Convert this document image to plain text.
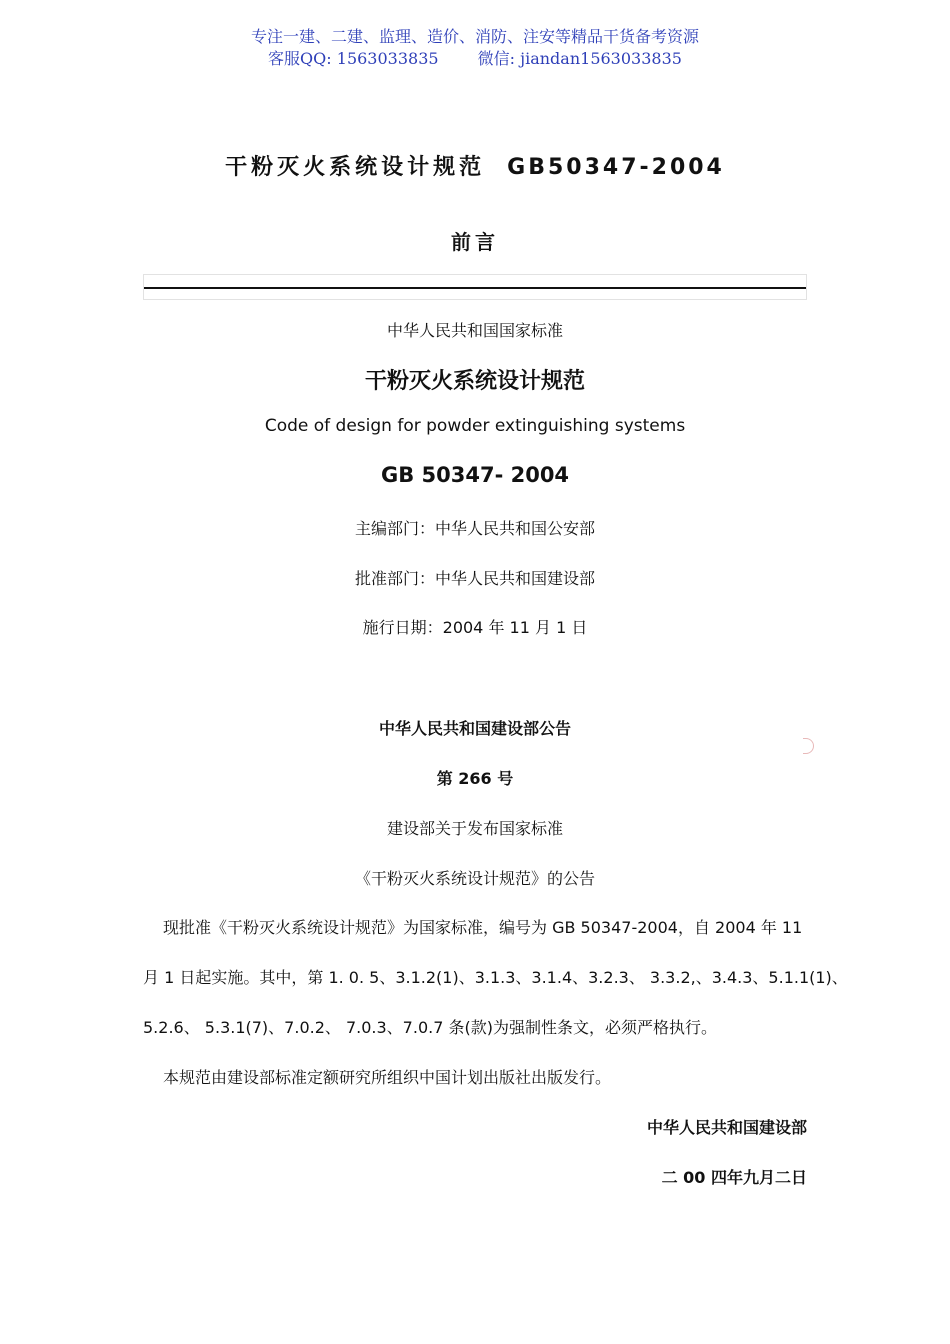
专注一建、二建、监理、造价、消防、注安等精品干货备考资源
客服QQ: 1563033835 微信: jiandan1563033835
干粉灭火系统设计规范 GB50347-2004
前言
中华人民共和国国家标准
干粉灭火系统设计规范
Code of design for powder extinguishing systems
GB 50347- 2004
主编部门：中华人民共和国公安部
批准部门：中华人民共和国建设部
施行日期：2004 年 11 月 1 日
中华人民共和国建设部公告
第 266 号
建设部关于发布国家标准
《干粉灭火系统设计规范》的公告
现批准《干粉灭火系统设计规范》为国家标准，编号为 GB 50347-2004，自 2004 年 11
月 1 日起实施。其中，第 1. 0. 5、3.1.2(1)、3.1.3、3.1.4、3.2.3、 3.3.2,、3.4.3、5.1.1(1)、
5.2.6、 5.3.1(7)、7.0.2、 7.0.3、7.0.7 条(款)为强制性条文，必须严格执行。
本规范由建设部标准定额研究所组织中国计划出版社出版发行。
中华人民共和国建设部
二 00 四年九月二日
